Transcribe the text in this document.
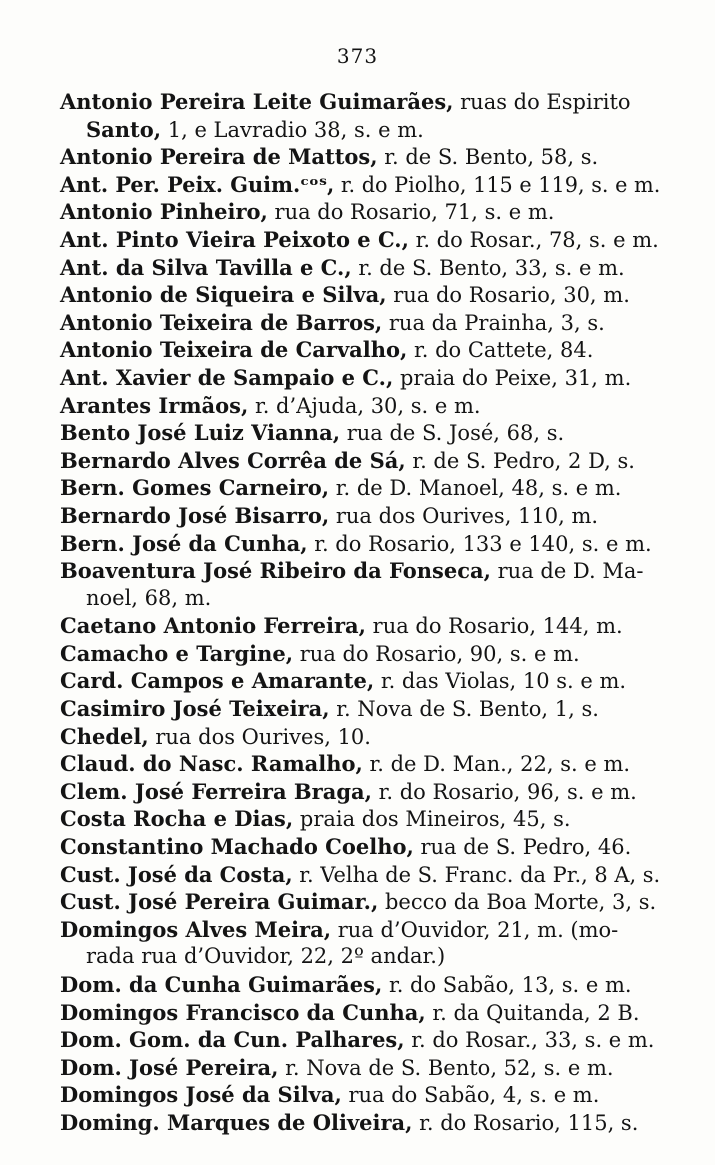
373
Antonio Pereira Leite Guimarães, ruas do Espirito
Santo, 1, e Lavradio 38, s. e m.
Antonio Pereira de Mattos, r. de S. Bento, 58, s.
Ant. Per. Peix. Guim.ᶜᵒˢ, r. do Piolho, 115 e 119, s. e m.
Antonio Pinheiro, rua do Rosario, 71, s. e m.
Ant. Pinto Vieira Peixoto e C., r. do Rosar., 78, s. e m.
Ant. da Silva Tavilla e C., r. de S. Bento, 33, s. e m.
Antonio de Siqueira e Silva, rua do Rosario, 30, m.
Antonio Teixeira de Barros, rua da Prainha, 3, s.
Antonio Teixeira de Carvalho, r. do Cattete, 84.
Ant. Xavier de Sampaio e C., praia do Peixe, 31, m.
Arantes Irmãos, r. d’Ajuda, 30, s. e m.
Bento José Luiz Vianna, rua de S. José, 68, s.
Bernardo Alves Corrêa de Sá, r. de S. Pedro, 2 D, s.
Bern. Gomes Carneiro, r. de D. Manoel, 48, s. e m.
Bernardo José Bisarro, rua dos Ourives, 110, m.
Bern. José da Cunha, r. do Rosario, 133 e 140, s. e m.
Boaventura José Ribeiro da Fonseca, rua de D. Ma-
noel, 68, m.
Caetano Antonio Ferreira, rua do Rosario, 144, m.
Camacho e Targine, rua do Rosario, 90, s. e m.
Card. Campos e Amarante, r. das Violas, 10 s. e m.
Casimiro José Teixeira, r. Nova de S. Bento, 1, s.
Chedel, rua dos Ourives, 10.
Claud. do Nasc. Ramalho, r. de D. Man., 22, s. e m.
Clem. José Ferreira Braga, r. do Rosario, 96, s. e m.
Costa Rocha e Dias, praia dos Mineiros, 45, s.
Constantino Machado Coelho, rua de S. Pedro, 46.
Cust. José da Costa, r. Velha de S. Franc. da Pr., 8 A, s.
Cust. José Pereira Guimar., becco da Boa Morte, 3, s.
Domingos Alves Meira, rua d’Ouvidor, 21, m. (mo-
rada rua d’Ouvidor, 22, 2º andar.)
Dom. da Cunha Guimarães, r. do Sabão, 13, s. e m.
Domingos Francisco da Cunha, r. da Quitanda, 2 B.
Dom. Gom. da Cun. Palhares, r. do Rosar., 33, s. e m.
Dom. José Pereira, r. Nova de S. Bento, 52, s. e m.
Domingos José da Silva, rua do Sabão, 4, s. e m.
Doming. Marques de Oliveira, r. do Rosario, 115, s.
